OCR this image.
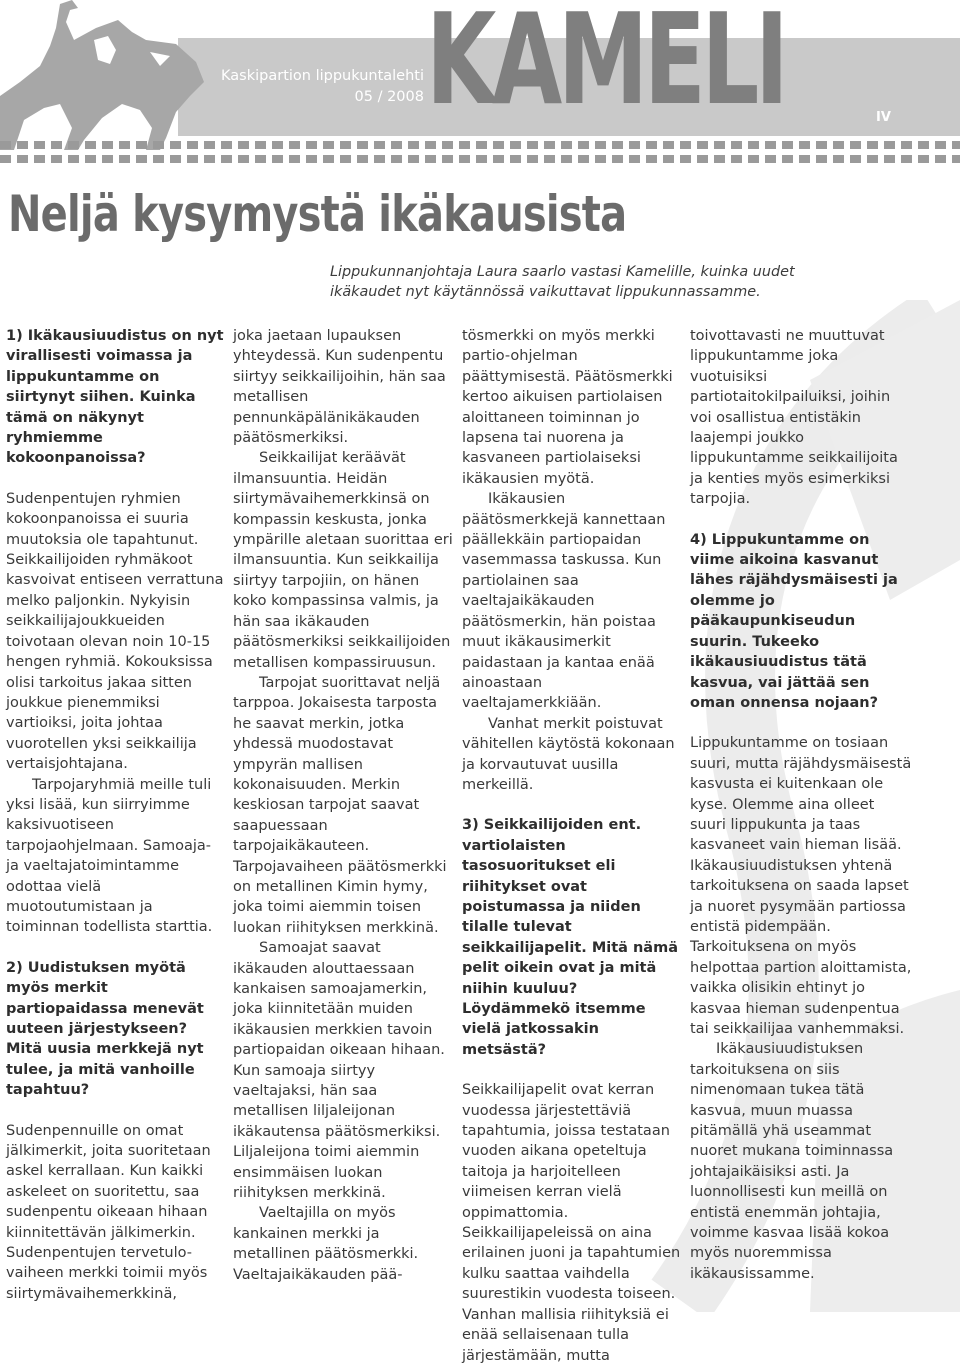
Kaskipartion lippukuntalehti
05 / 2008 KAMELI	IV
Neljä kysymystä ikäkausista
Lippukunnanjohtaja Laura saarlo vastasi Kamelille, kuinka uudet ikäkaudet nyt käytännössä vaikuttavat lippukunnassamme.

1) Ikäkausiuudistus on nyt virallisesti voimassa ja lippukuntamme on siirtynyt siihen. Kuinka tämä on näkynyt ryhmiemme kokoonpanoissa?

Sudenpentujen ryhmien kokoonpanoissa ei suuria muutoksia ole tapahtunut. Seikkailijoiden ryhmäkoot kasvoivat entiseen verrattuna melko paljonkin. Nykyisin seikkailijajoukkueiden toivotaan olevan noin 10-15 hengen ryhmiä. Kokouksissa olisi tarkoitus jakaa sitten joukkue pienemmiksi vartioiksi, joita johtaa vuorotellen yksi seikkailija vertaisjohtajana.

Tarpojaryhmiä meille tuli yksi lisää, kun siirryimme kaksivuotiseen tarpojaohjelmaan. Samoaja- ja vaeltajatoimintamme odottaa vielä muotoutumistaan ja toiminnan todellista starttia.

2) Uudistuksen myötä myös merkit partiopaidassa menevät uuteen järjestykseen? Mitä uusia merkkejä nyt tulee, ja mitä vanhoille tapahtuu?

Sudenpennuille on omat jälkimerkit, joita suoritetaan askel kerrallaan. Kun kaikki askeleet on suoritettu, saa sudenpentu oikeaan hihaan kiinnitettävän jälkimerkin. Sudenpentujen tervetulo-vaiheen merkki toimii myös siirtymävaihemerkkinä,

joka jaetaan lupauksen yhteydessä. Kun sudenpentu siirtyy seikkailijoihin, hän saa metallisen pennunkäpälänikäkauden päätösmerkiksi.

Seikkailijat keräävät ilmansuuntia. Heidän siirtymävaihemerkkinsä on kompassin keskusta, jonka ympärille aletaan suorittaa eri ilmansuuntia. Kun seikkailija siirtyy tarpojiin, on hänen koko kompassinsa valmis, ja hän saa ikäkauden päätösmerkiksi seikkailijoiden metallisen kompassiruusun.

Tarpojat suorittavat neljä tarppoa. Jokaisesta tarposta he saavat merkin, jotka yhdessä muodostavat ympyrän mallisen kokonaisuuden. Merkin keskiosan tarpojat saavat saapuessaan tarpojaikäkauteen. Tarpojavaiheen päätösmerkki on metallinen Kimin hymy, joka toimi aiemmin toisen luokan riihityksen merkkinä.

Samoajat saavat ikäkauden alouttaessaan kankaisen samoajamerkin, joka kiinnitetään muiden ikäkausien merkkien tavoin partiopaidan oikeaan hihaan. Kun samoaja siirtyy vaeltajaksi, hän saa metallisen liljaleijonan ikäkautensa päätösmerkiksi. Liljaleijona toimi aiemmin ensimmäisen luokan riihityksen merkkinä.

Vaeltajilla on myös kankainen merkki ja metallinen päätösmerkki. Vaeltajaikäkauden pää-

tösmerkki on myös merkki partio-ohjelman päättymisestä. Päätösmerkki kertoo aikuisen partiolaisen aloittaneen toiminnan jo lapsena tai nuorena ja kasvaneen partiolaiseksi ikäkausien myötä.

Ikäkausien päätösmerkkejä kannettaan päällekkäin partiopaidan vasemmassa taskussa. Kun partiolainen saa vaeltajaikäkauden päätösmerkin, hän poistaa muut ikäkausimerkit paidastaan ja kantaa enää ainoastaan vaeltajamerkkiään.

Vanhat merkit poistuvat vähitellen käytöstä kokonaan ja korvautuvat uusilla merkeillä.

3) Seikkailijoiden ent. vartiolaisten tasosuoritukset eli riihitykset ovat poistumassa ja niiden tilalle tulevat seikkailijapelit. Mitä nämä pelit oikein ovat ja mitä niihin kuuluu? Löydämmekö itsemme vielä jatkossakin metsästä?

Seikkailijapelit ovat kerran vuodessa järjestettäviä tapahtumia, joissa testataan vuoden aikana opeteltuja taitoja ja harjoitelleen viimeisen kerran vielä oppimattomia. Seikkailijapeleissä on aina erilainen juoni ja tapahtumien kulku saattaa vaihdella suurestikin vuodesta toiseen. Vanhan mallisia riihityksiä ei enää sellaisenaan tulla järjestämään, mutta

toivottavasti ne muuttuvat lippukuntamme joka vuotuisiksi partiotaitokilpailuiksi, joihin voi osallistua entistäkin laajempi joukko lippukuntamme seikkailijoita ja kenties myös esimerkiksi tarpojia.

4) Lippukuntamme on viime aikoina kasvanut lähes räjähdysmäisesti ja olemme jo pääkaupunkiseudun suurin. Tukeeko ikäkausiuudistus tätä kasvua, vai jättää sen oman onnensa nojaan?

Lippukuntamme on tosiaan suuri, mutta räjähdysmäisestä kasvusta ei kuitenkaan ole kyse. Olemme aina olleet suuri lippukunta ja taas kasvaneet vain hieman lisää. Ikäkausiuudistuksen yhtenä tarkoituksena on saada lapset ja nuoret pysymään partiossa entistä pidempään. Tarkoituksena on myös helpottaa partion aloittamista, vaikka olisikin ehtinyt jo kasvaa hieman sudenpentua tai seikkailijaa vanhemmaksi.

Ikäkausiuudistuksen tarkoituksena on siis nimenomaan tukea tätä kasvua, muun muassa pitämällä yhä useammat nuoret mukana toiminnassa johtajaikäisiksi asti. Ja luonnollisesti kun meillä on entistä enemmän johtajia, voimme kasvaa lisää kokoa myös nuoremmissa ikäkausissamme.
